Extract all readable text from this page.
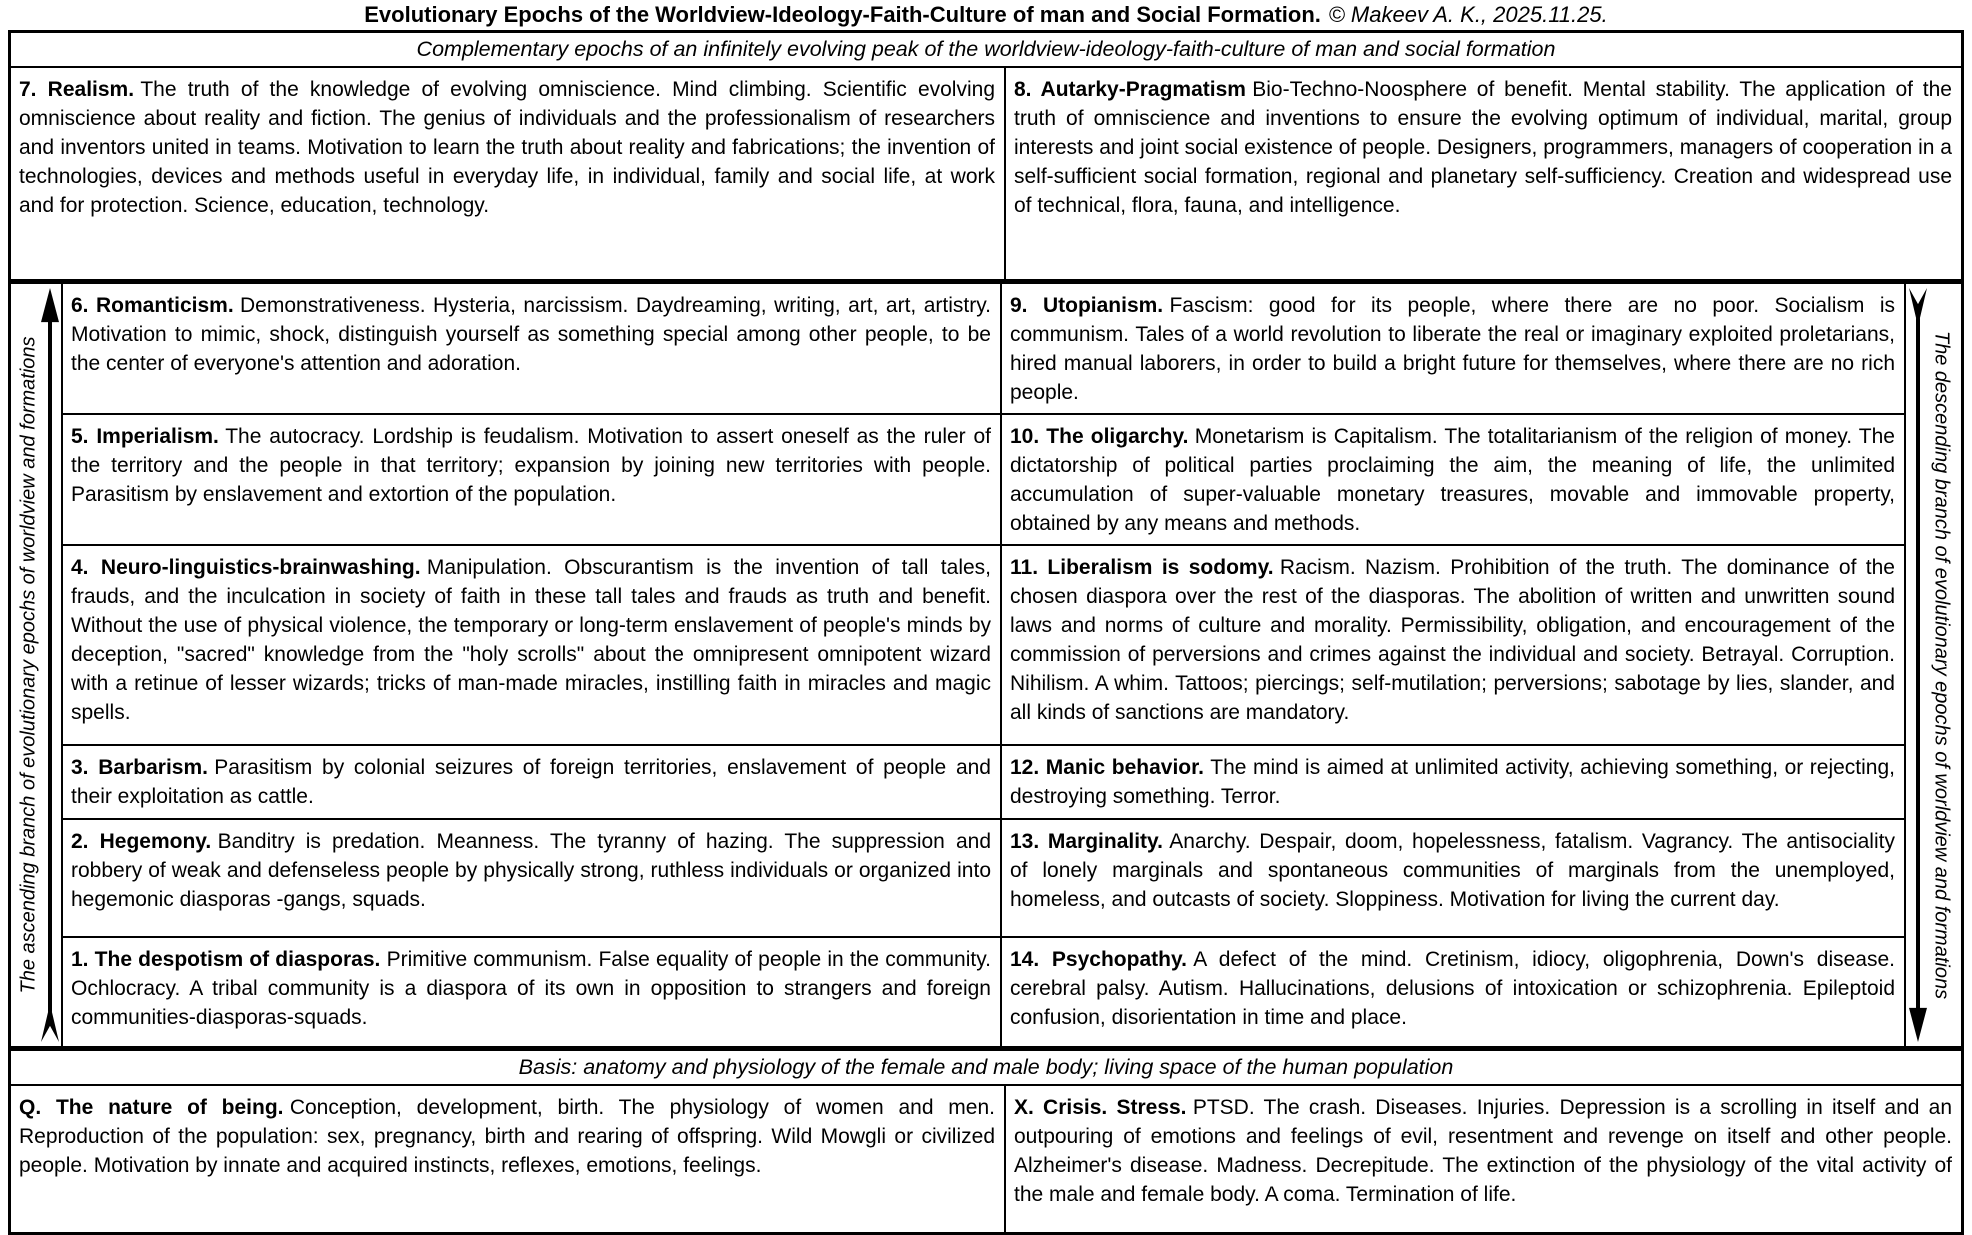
Evolutionary Epochs of the Worldview-Ideology-Faith-Culture of man and Social Formation. © Makeev A. K., 2025.11.25.
Complementary epochs of an infinitely evolving peak of the worldview-ideology-faith-culture of man and social formation
7. Realism. The truth of the knowledge of evolving omniscience. Mind climbing. Scientific evolving omniscience about reality and fiction. The genius of individuals and the professionalism of researchers and inventors united in teams. Motivation to learn the truth about reality and fabrications; the invention of technologies, devices and methods useful in everyday life, in individual, family and social life, at work and for protection. Science, education, technology.
8. Autarky-Pragmatism Bio-Techno-Noosphere of benefit. Mental stability. The application of the truth of omniscience and inventions to ensure the evolving optimum of individual, marital, group interests and joint social existence of people. Designers, programmers, managers of cooperation in a self-sufficient social formation, regional and planetary self-sufficiency. Creation and widespread use of technical, flora, fauna, and intelligence.
The ascending branch of evolutionary epochs of worldview and formations
6. Romanticism. Demonstrativeness. Hysteria, narcissism. Daydreaming, writing, art, art, artistry. Motivation to mimic, shock, distinguish yourself as something special among other people, to be the center of everyone's attention and adoration.
9. Utopianism. Fascism: good for its people, where there are no poor. Socialism is communism. Tales of a world revolution to liberate the real or imaginary exploited proletarians, hired manual laborers, in order to build a bright future for themselves, where there are no rich people.
5. Imperialism. The autocracy. Lordship is feudalism. Motivation to assert oneself as the ruler of the territory and the people in that territory; expansion by joining new territories with people. Parasitism by enslavement and extortion of the population.
10. The oligarchy. Monetarism is Capitalism. The totalitarianism of the religion of money. The dictatorship of political parties proclaiming the aim, the meaning of life, the unlimited accumulation of super-valuable monetary treasures, movable and immovable property, obtained by any means and methods.
4. Neuro-linguistics-brainwashing. Manipulation. Obscurantism is the invention of tall tales, frauds, and the inculcation in society of faith in these tall tales and frauds as truth and benefit. Without the use of physical violence, the temporary or long-term enslavement of people's minds by deception, "sacred" knowledge from the "holy scrolls" about the omnipresent omnipotent wizard with a retinue of lesser wizards; tricks of man-made miracles, instilling faith in miracles and magic spells.
11. Liberalism is sodomy. Racism. Nazism. Prohibition of the truth. The dominance of the chosen diaspora over the rest of the diasporas. The abolition of written and unwritten sound laws and norms of culture and morality. Permissibility, obligation, and encouragement of the commission of perversions and crimes against the individual and society. Betrayal. Corruption. Nihilism. A whim. Tattoos; piercings; self-mutilation; perversions; sabotage by lies, slander, and all kinds of sanctions are mandatory.
3. Barbarism. Parasitism by colonial seizures of foreign territories, enslavement of people and their exploitation as cattle.
12. Manic behavior. The mind is aimed at unlimited activity, achieving something, or rejecting, destroying something. Terror.
2. Hegemony. Banditry is predation. Meanness. The tyranny of hazing. The suppression and robbery of weak and defenseless people by physically strong, ruthless individuals or organized into hegemonic diasporas -gangs, squads.
13. Marginality. Anarchy. Despair, doom, hopelessness, fatalism. Vagrancy. The antisociality of lonely marginals and spontaneous communities of marginals from the unemployed, homeless, and outcasts of society. Sloppiness. Motivation for living the current day.
1. The despotism of diasporas. Primitive communism. False equality of people in the community. Ochlocracy. A tribal community is a diaspora of its own in opposition to strangers and foreign communities-diasporas-squads.
14. Psychopathy. A defect of the mind. Cretinism, idiocy, oligophrenia, Down's disease. cerebral palsy. Autism. Hallucinations, delusions of intoxication or schizophrenia. Epileptoid confusion, disorientation in time and place.
The descending branch of evolutionary epochs of worldview and formations
Basis: anatomy and physiology of the female and male body; living space of the human population
Q. The nature of being. Conception, development, birth. The physiology of women and men. Reproduction of the population: sex, pregnancy, birth and rearing of offspring. Wild Mowgli or civilized people. Motivation by innate and acquired instincts, reflexes, emotions, feelings.
X. Crisis. Stress. PTSD. The crash. Diseases. Injuries. Depression is a scrolling in itself and an outpouring of emotions and feelings of evil, resentment and revenge on itself and other people. Alzheimer's disease. Madness. Decrepitude. The extinction of the physiology of the vital activity of the male and female body. A coma. Termination of life.
